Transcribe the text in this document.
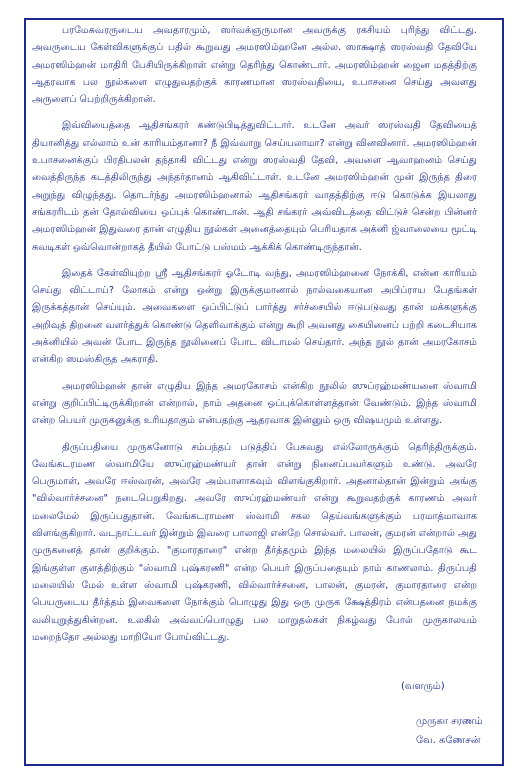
பரமேசுவரருடைய அவதாரமும், ஸர்வக்ஞருமான அவருக்கு ரகசியம் புரிந்து விட்டது. அவருடைய கேள்விகளுக்குப் பதில் கூறுவது அமரஸிம்ஹனே அல்ல. ஸாக்ஷாத் ஸரஸ்வதி தேவியே அமரஸிம்ஹன் மாதிரி பேசியிருக்கிறாள் என்று தெரிந்து கொண்டார். அமரஸிம்ஹன் ஜைன மதத்திற்கு ஆதரவாக பல நூல்களை எழுதுவதற்குக் காரணமான ஸரஸ்வதியை, உபாசனை செய்து அவளது அருளைப் பெற்றிருக்கிறான்.

இவ்வியைத்தை ஆதிசங்கரர் கண்டுபிடித்துவிட்டார். உடனே அவர் ஸரஸ்வதி தேவியைத் தியானித்து எல்லாம் உன் காரியம்தானா? நீ இவ்வாறு செய்யலாமா? என்று வினவினார். அமரஸிம்ஹன் உபாசனைக்குப் பிரதிபலன் தந்தாகி விட்டது என்று ஸரஸ்வதி தேவி, அவளை ஆவாஹனம் செய்து வைத்திருந்த கடத்திலிருந்து அந்தர்தானம் ஆகிவிட்டாள். உடனே அமரஸிம்ஹன் முன் இருந்த திரை அறுந்து விழுந்தது. தொடர்ந்து அமரஸிம்ஹனால் ஆதிசங்கரர் வாதத்திற்கு ஈடு கொடுக்க இயலாது சங்கரரிடம் தன் தோல்வியை ஒப்புக் கொண்டான். ஆதி சங்கரர் அவ்விடத்தை விட்டுச் சென்ற பின்னர் அமரஸிம்ஹன் இதுவரை தான் எழுதிய நூல்கள் அனைத்தையும் பெரியதாக அக்னி ஜ்வாலையை மூட்டி சுவடிகள் ஒவ்வொன்றாகத் தீயில் போட்டு பஸ்மம் ஆக்கிக் கொண்டிருந்தான்.

இதைக் கேள்வியுற்ற ஸ்ரீ ஆதிசங்கரர் ஓடோடி வந்து, அமரஸிம்ஹனை நோக்கி, என்ன காரியம் செய்து விட்டாய்? லோகம் என்று ஒன்று இருக்குமானால் நால்வகையான அபிப்ராய பேதங்கள் இருக்கத்தான் செய்யும். அவைகளை ஒப்பிட்டுப் பார்த்து சர்ச்சையில் ஈடுபடுவது தான் மக்களுக்கு அறிவுத் திறனை வளர்த்துக் கொண்டு தெளிவாக்கும் என்று கூறி அவனது கையினைப் பற்றி கடைசியாக அக்னியில் அவன் போட இருந்த நூலினைப் போட விடாமல் செய்தார். அந்த நூல் தான் அமரகோசம் என்கிற ஸமஸ்கிருத அகராதி.

அமரஸிம்ஹன் தான் எழுதிய இந்த அமரகோசம் என்கிற நூலில் ஸுப்ரஹ்மண்யனை ஸ்வாமி என்று குறிப்பிட்டிருக்கிறான் என்றால், நாம் அதனை ஒப்புக்கொள்ளத்தான் வேண்டும். இந்த ஸ்வாமி என்ற பெயர் முருகனுக்கு உரியதாகும் என்பதற்கு ஆதரவாக இன்னும் ஒரு விஷயமும் உள்ளது.

திருப்பதியை முருகனோடு சம்பந்தப் படுத்திப் பேசுவது எல்லோருக்கும் தெரிந்திருக்கும். வேங்கடரமண ஸ்வாமியே ஸுப்ரஹ்மண்யர் தான் என்று நினைப்பவர்களும் உண்டு. அவரே பெருமாள், அவரே ஈஸ்வரன், அவரே அம்பாளாகவும் விளங்குகிறார். அதனால்தான் இன்றும் அங்கு "வில்வார்ச்சனை" நடைபெறுகிறது. அவரே ஸுப்ரஹ்மண்யர் என்று கூறுவதற்குக் காரணம் அவர் மலைமேல் இருப்பதுதான். வேங்கடராமண ஸ்வாமி சகல தெய்வங்களுக்கும் பரமாத்மாவாக விளங்குகிறார். வடநாட்டவர் இன்றும் இவரை பாலாஜி என்றே சொல்வர். பாலன், குமரன் என்றால் அது முருகனைத் தான் குறிக்கும். "குமாரதாரை" என்ற தீர்த்தமும் இந்த மலையில் இருப்பதோடு கூட இங்குள்ள குளத்திற்கும் "ஸ்வாமி புஷ்கரணி" என்ற பெயர் இருப்பதையும் நாம் காணலாம். திருப்பதி மலையில் மேல் உள்ள ஸ்வாமி புஷ்கரணி, வில்வார்ச்சனை, பாலன், குமரன், குமாரதாரை என்ற பெயருடைய தீர்த்தம் இவைகளை நோக்கும் பொழுது இது ஒரு முருக க்ஷேத்திரம் என்பதனை நமக்கு வலியுறுத்துகின்றன. உலகில் அவ்வப்பொழுது பல மாறுதல்கள் நிகழ்வது போல் முருகாலயம் மறைந்தோ அல்லது மாறியோ போய்விட்டது.

(வளரும்)
முருகா சரணம்
வே. கணேசன்
